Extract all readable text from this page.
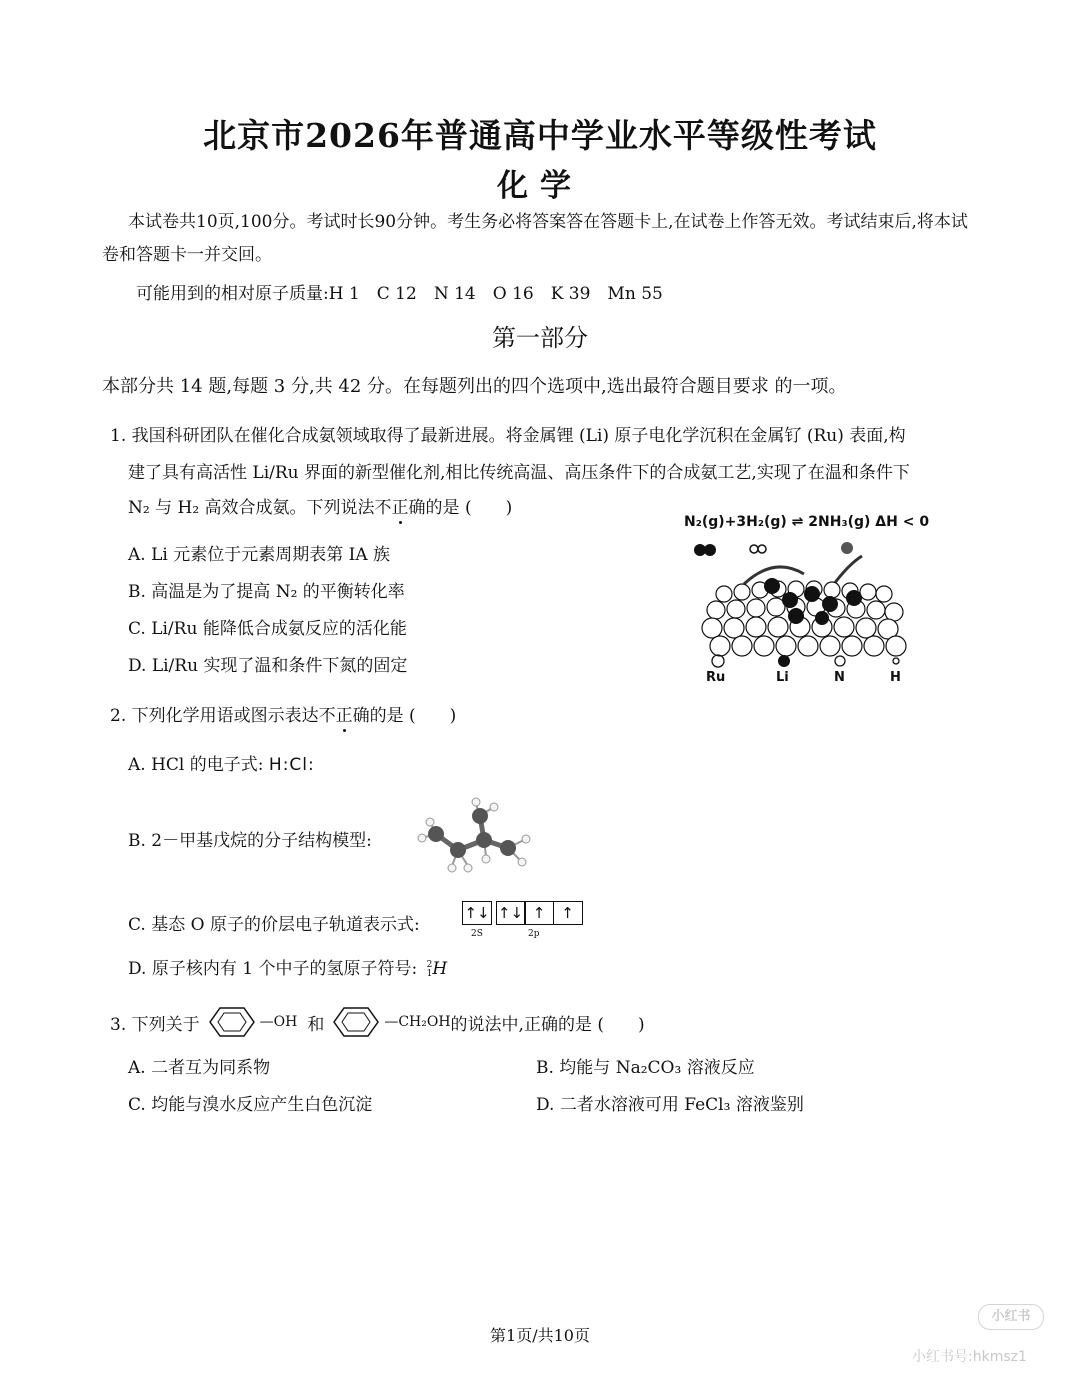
北京市2026年普通高中学业水平等级性考试
化学
本试卷共10页,100分。考试时长90分钟。考生务必将答案答在答题卡上,在试卷上作答无效。考试结束后,将本试卷和答题卡一并交回。
可能用到的相对原子质量:H 1　C 12　N 14　O 16　K 39　Mn 55
第一部分
本部分共 14 题,每题 3 分,共 42 分。在每题列出的四个选项中,选出最符合题目要求 的一项。
1. 我国科研团队在催化合成氨领域取得了最新进展。将金属锂 (Li) 原子电化学沉积在金属钌 (Ru) 表面,构
建了具有高活性 Li/Ru 界面的新型催化剂,相比传统高温、高压条件下的合成氨工艺,实现了在温和条件下
N₂ 与 H₂ 高效合成氨。下列说法不正确的是 (　　)
A. Li 元素位于元素周期表第 IA 族
B. 高温是为了提高 N₂ 的平衡转化率
C. Li/Ru 能降低合成氨反应的活化能
D. Li/Ru 实现了温和条件下氮的固定
N₂(g)+3H₂(g) ⇌ 2NH₃(g) ΔH < 0
Ru	Li	N	H
2. 下列化学用语或图示表达不正确的是 (　　)
A. HCl 的电子式: H:Cl:
B. 2－甲基戊烷的分子结构模型:
C. 基态 O 原子的价层电子轨道表示式:
↑↓ ↑↓ ↑ ↑
2S	2p
D. 原子核内有 1 个中子的氢原子符号: 2
1H
3. 下列关于	—OH 和	—CH₂OH 的说法中,正确的是 (　　)
A. 二者互为同系物	B. 均能与 Na₂CO₃ 溶液反应
C. 均能与溴水反应产生白色沉淀	D. 二者水溶液可用 FeCl₃ 溶液鉴别
第1页/共10页
小红书
小红书号:hkmsz1
